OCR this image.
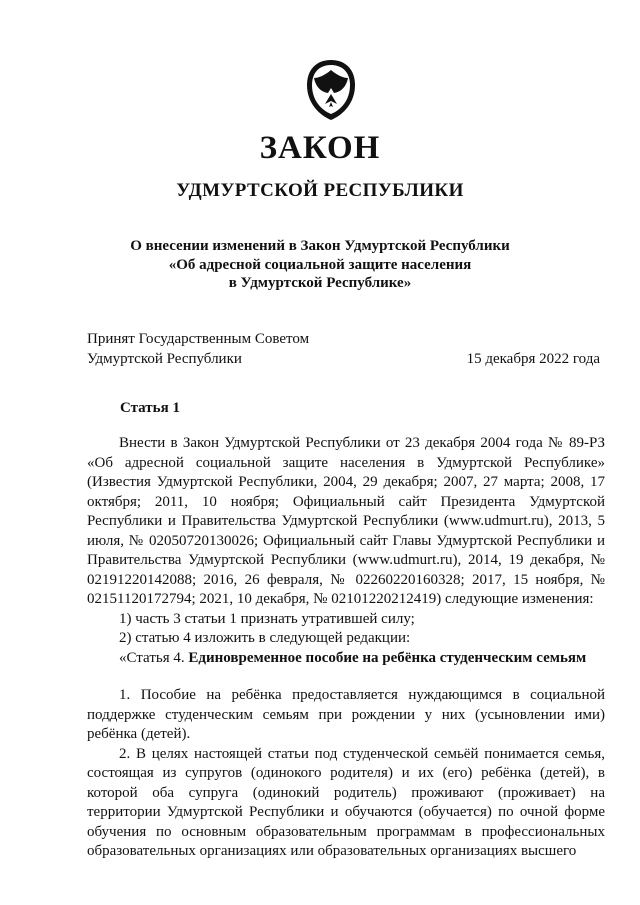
ЗАКОН
УДМУРТСКОЙ РЕСПУБЛИКИ
О внесении изменений в Закон Удмуртской Республики
«Об адресной социальной защите населения
в Удмуртской Республике»
Принят Государственным Советом
Удмуртской Республики	15 декабря 2022 года
Статья 1

Внести в Закон Удмуртской Республики от 23 декабря 2004 года № 89-РЗ «Об адресной социальной защите населения в Удмуртской Республике» (Известия Удмуртской Республики, 2004, 29 декабря; 2007, 27 марта; 2008, 17 октября; 2011, 10 ноября; Официальный сайт Президента Удмуртской Республики и Правительства Удмуртской Республики (www.udmurt.ru), 2013, 5 июля, № 02050720130026; Официальный сайт Главы Удмуртской Республики и Правительства Удмуртской Республики (www.udmurt.ru), 2014, 19 декабря, № 02191220142088; 2016, 26 февраля, № 02260220160328; 2017, 15 ноября, № 02151120172794; 2021, 10 декабря, № 02101220212419) следующие изменения:

1) часть 3 статьи 1 признать утратившей силу;

2) статью 4 изложить в следующей редакции:

«Статья 4. Единовременное пособие на ребёнка студенческим семьям

1. Пособие на ребёнка предоставляется нуждающимся в социальной поддержке студенческим семьям при рождении у них (усыновлении ими) ребёнка (детей).

2. В целях настоящей статьи под студенческой семьёй понимается семья, состоящая из супругов (одинокого родителя) и их (его) ребёнка (детей), в которой оба супруга (одинокий родитель) проживают (проживает) на территории Удмуртской Республики и обучаются (обучается) по очной форме обучения по основным образовательным программам в профессиональных образовательных организациях или образовательных организациях высшего
